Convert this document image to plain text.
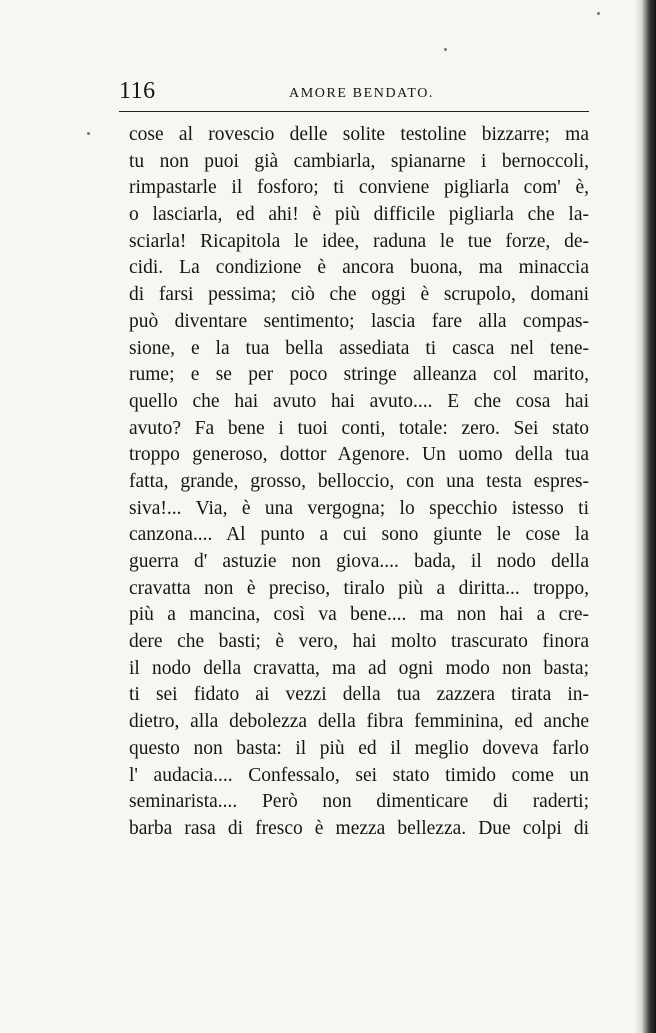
116	AMORE BENDATO.
cose al rovescio delle solite testoline bizzarre; ma
tu non puoi già cambiarla, spianarne i bernoccoli,
rimpastarle il fosforo; ti conviene pigliarla com' è,
o lasciarla, ed ahi! è più difficile pigliarla che la-
sciarla! Ricapitola le idee, raduna le tue forze, de-
cidi. La condizione è ancora buona, ma minaccia
di farsi pessima; ciò che oggi è scrupolo, domani
può diventare sentimento; lascia fare alla compas-
sione, e la tua bella assediata ti casca nel tene-
rume; e se per poco stringe alleanza col marito,
quello che hai avuto hai avuto.... E che cosa hai
avuto? Fa bene i tuoi conti, totale: zero. Sei stato
troppo generoso, dottor Agenore. Un uomo della tua
fatta, grande, grosso, belloccio, con una testa espres-
siva!... Via, è una vergogna; lo specchio istesso ti
canzona.... Al punto a cui sono giunte le cose la
guerra d' astuzie non giova.... bada, il nodo della
cravatta non è preciso, tiralo più a diritta... troppo,
più a mancina, così va bene.... ma non hai a cre-
dere che basti; è vero, hai molto trascurato finora
il nodo della cravatta, ma ad ogni modo non basta;
ti sei fidato ai vezzi della tua zazzera tirata in-
dietro, alla debolezza della fibra femminina, ed anche
questo non basta: il più ed il meglio doveva farlo
l' audacia.... Confessalo, sei stato timido come un
seminarista.... Però non dimenticare di raderti;
barba rasa di fresco è mezza bellezza. Due colpi di
